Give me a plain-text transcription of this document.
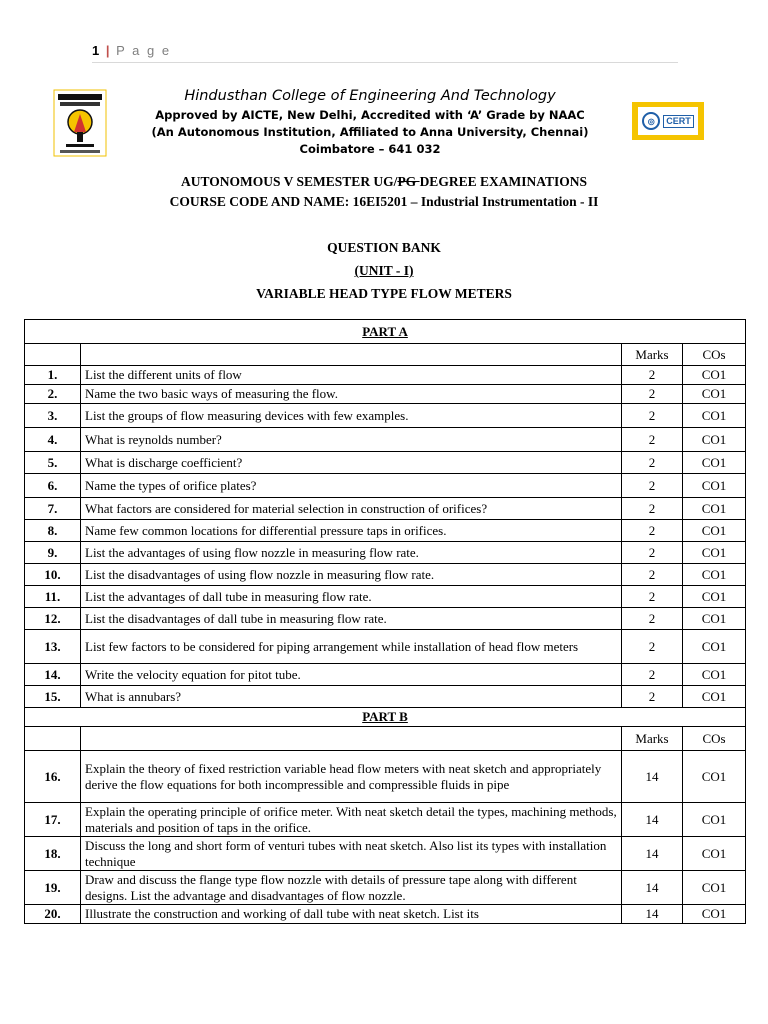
1 | P a g e
Hindusthan College of Engineering And Technology
Approved by AICTE, New Delhi, Accredited with ‘A’ Grade by NAAC
(An Autonomous Institution, Affiliated to Anna University, Chennai)
Coimbatore – 641 032
◎	CERT
AUTONOMOUS V SEMESTER UG/PG DEGREE EXAMINATIONS
COURSE CODE AND NAME: 16EI5201 – Industrial Instrumentation - II
QUESTION BANK
(UNIT - I)
VARIABLE HEAD TYPE FLOW METERS
PART A			
		Marks	COs
1.	List the different units of flow	2	CO1
2.	Name the two basic ways of measuring the flow.	2	CO1
3.	List the groups of flow measuring devices with few examples.	2	CO1
4.	What is reynolds number?	2	CO1
5.	What is discharge coefficient?	2	CO1
6.	Name the types of orifice plates?	2	CO1
7.	What factors are considered for material selection in construction of orifices?	2	CO1
8.	Name few common locations for differential pressure taps in orifices.	2	CO1
9.	List the advantages of using flow nozzle in measuring flow rate.	2	CO1
10.	List the disadvantages of using flow nozzle in measuring flow rate.	2	CO1
11.	List the advantages of dall tube in measuring flow rate.	2	CO1
12.	List the disadvantages of dall tube in measuring flow rate.	2	CO1
13.	List few factors to be considered for piping arrangement while installation of head flow meters	2	CO1
14.	Write the velocity equation for pitot tube.	2	CO1
15.	What is annubars?	2	CO1
PART B			
		Marks	COs
16.	Explain the theory of fixed restriction variable head flow meters with neat sketch and appropriately derive the flow equations for both incompressible and compressible fluids in pipe	14	CO1
17.	Explain the operating principle of orifice meter. With neat sketch detail the types, machining methods, materials and position of taps in the orifice.	14	CO1
18.	Discuss the long and short form of venturi tubes with neat sketch. Also list its types with installation technique	14	CO1
19.	Draw and discuss the flange type flow nozzle with details of pressure tape along with different designs. List the advantage and disadvantages of flow nozzle.	14	CO1
20.	Illustrate the construction and working of dall tube with neat sketch. List its	14	CO1
